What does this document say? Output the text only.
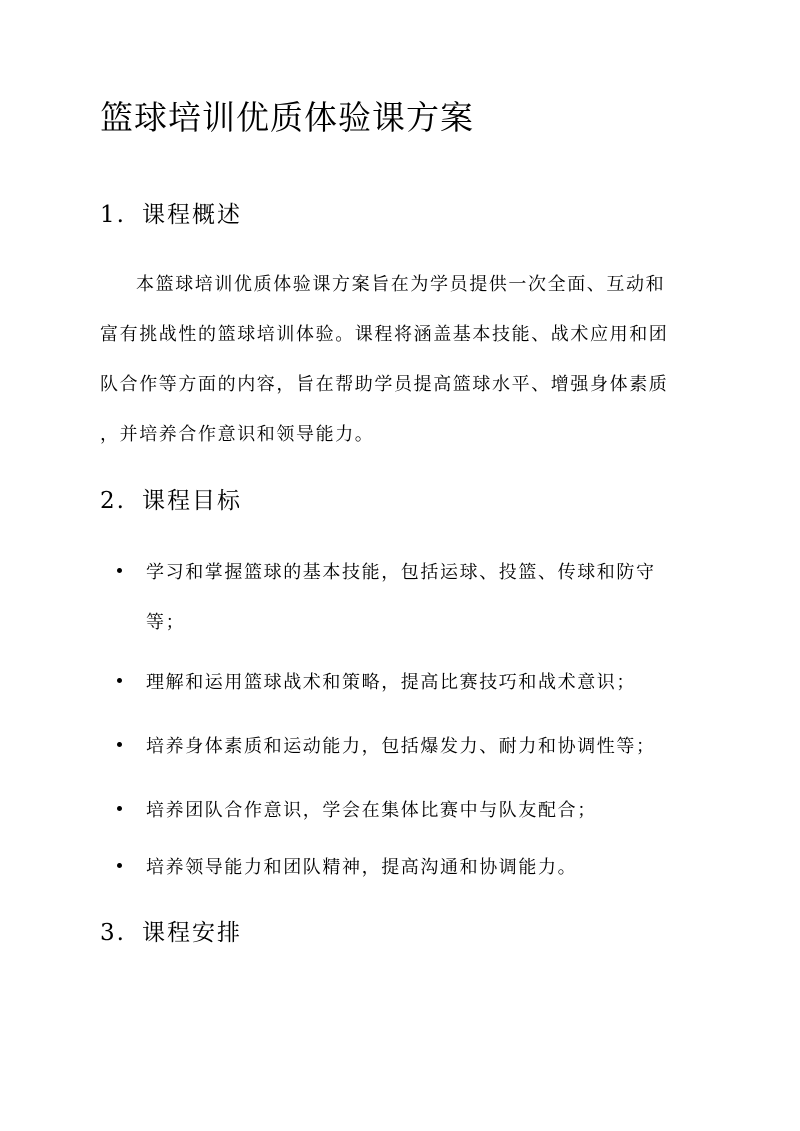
篮球培训优质体验课方案
1. 课程概述
本篮球培训优质体验课方案旨在为学员提供一次全面、互动和
富有挑战性的篮球培训体验。课程将涵盖基本技能、战术应用和团
队合作等方面的内容，旨在帮助学员提高篮球水平、增强身体素质
，并培养合作意识和领导能力。
2. 课程目标
学习和掌握篮球的基本技能，包括运球、投篮、传球和防守
等；
理解和运用篮球战术和策略，提高比赛技巧和战术意识；
培养身体素质和运动能力，包括爆发力、耐力和协调性等；
培养团队合作意识，学会在集体比赛中与队友配合；
培养领导能力和团队精神，提高沟通和协调能力。
3. 课程安排
